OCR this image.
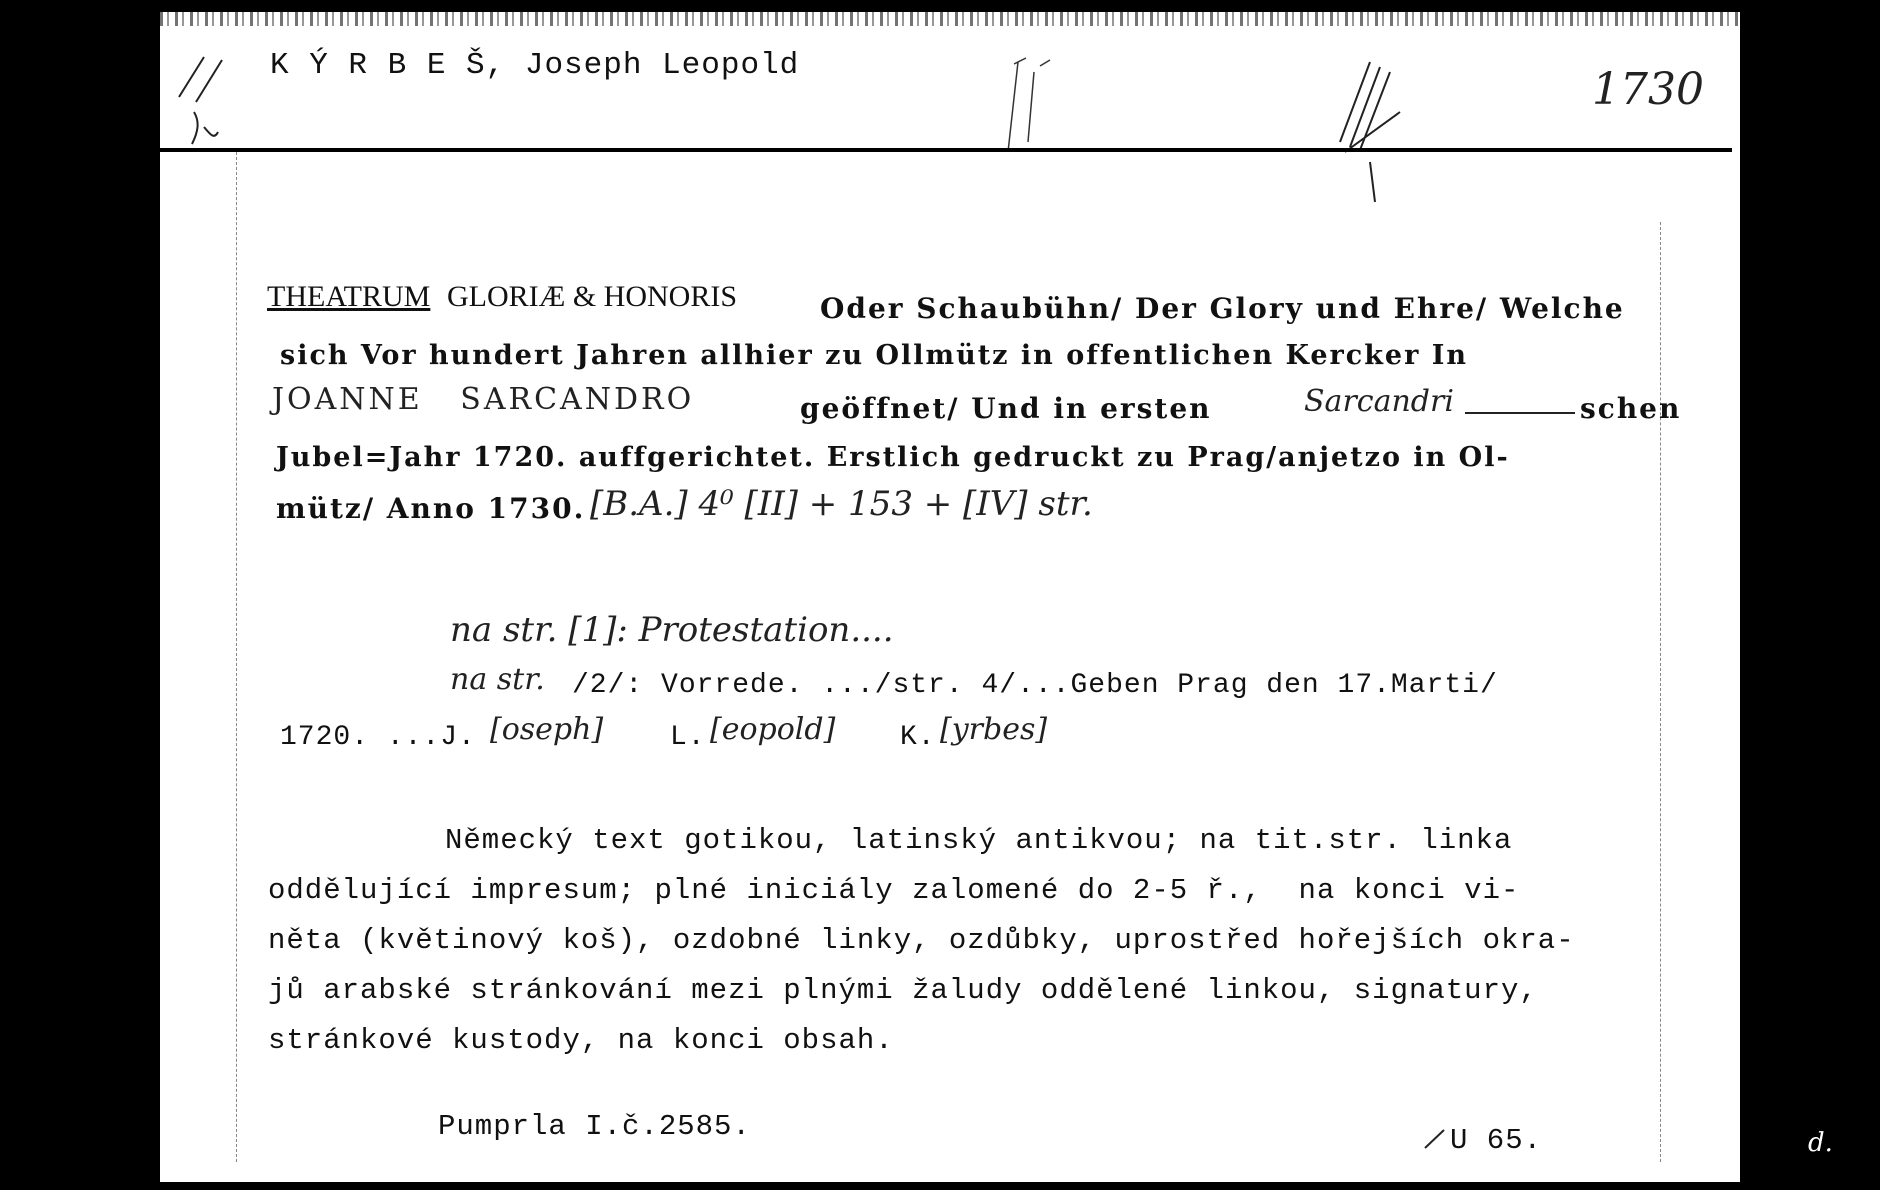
K Ý R B E Š, Joseph Leopold	1730
THEATRUM GLORIÆ & HONORIS	Oder Schaubühn/ Der Glory und Ehre/ Welche
sich Vor hundert Jahren allhier zu Ollmütz in offentlichen Kercker In
JOANNE   SARCANDRO	geöffnet/ Und in ersten	Sarcandri	schen
Jubel=Jahr 1720. auffgerichtet. Erstlich gedruckt zu Prag/anjetzo in Ol-
mütz/ Anno 1730. [B.A.] 4⁰ [II] + 153 + [IV] str.
na str. [1]: Protestation....
na str. /2/: Vorrede. .../str. 4/...Geben Prag den 17.Marti/
1720. ...J. [oseph] L. [eopold] K. [yrbes]
Německý text gotikou, latinský antikvou; na tit.str. linka
oddělující impresum; plné iniciály zalomené do 2-5 ř.,  na konci vi-
něta (květinový koš), ozdobné linky, ozdůbky, uprostřed hořejších okra-
jů arabské stránkování mezi plnými žaludy oddělené linkou, signatury,
stránkové kustody, na konci obsah.
Pumprla I.č.2585.	U 65.	d.
